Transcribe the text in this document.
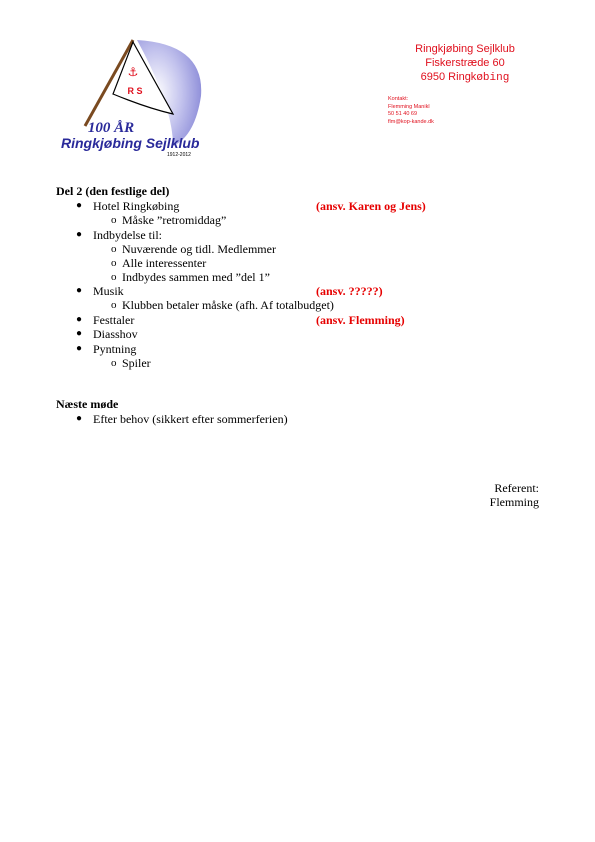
⚓
R S
100 ÅR
Ringkjøbing Sejlklub
1912-2012
Ringkjøbing Sejlklub
Fiskerstræde 60
6950 Ringkøbing
Kontakt:
Flemming Manikl
50 51 40 69
flm@kop-kande.dk
Del 2 (den festlige del)
● Hotel Ringkøbing	(ansv. Karen og Jens)
o Måske ”retromiddag”
● Indbydelse til:
o Nuværende og tidl. Medlemmer
o Alle interessenter
o Indbydes sammen med ”del 1”
● Musik	(ansv. ?????)
o Klubben betaler måske (afh. Af totalbudget)
● Festtaler	(ansv. Flemming)
● Diasshov
● Pyntning
o Spiler
Næste møde
● Efter behov (sikkert efter sommerferien)
Referent:
Flemming
